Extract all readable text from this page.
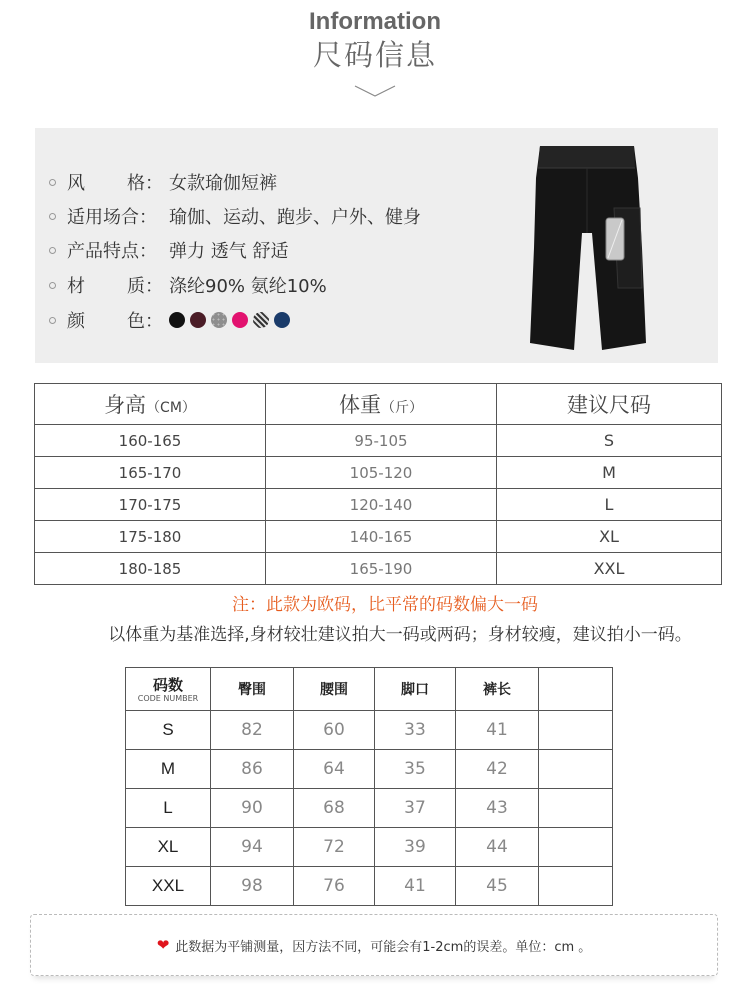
Information
尺码信息
风 格： 女款瑜伽短裤
适用场合： 瑜伽、运动、跑步、户外、健身
产品特点： 弹力 透气 舒适
材 质： 涤纶90% 氨纶10%
颜 色：
身高（CM）	体重（斤）	建议尺码
160-165	95-105	S
165-170	105-120	M
170-175	120-140	L
175-180	140-165	XL
180-185	165-190	XXL
注：此款为欧码，比平常的码数偏大一码
以体重为基准选择,身材较壮建议拍大一码或两码；身材较瘦，建议拍小一码。
码数
CODE NUMBER	臀围	腰围	脚口	裤长	
S	82	60	33	41	
M	86	64	35	42	
L	90	68	37	43	
XL	94	72	39	44	
XXL	98	76	41	45	
❤ 此数据为平铺测量，因方法不同，可能会有1-2cm的误差。单位：cm 。
